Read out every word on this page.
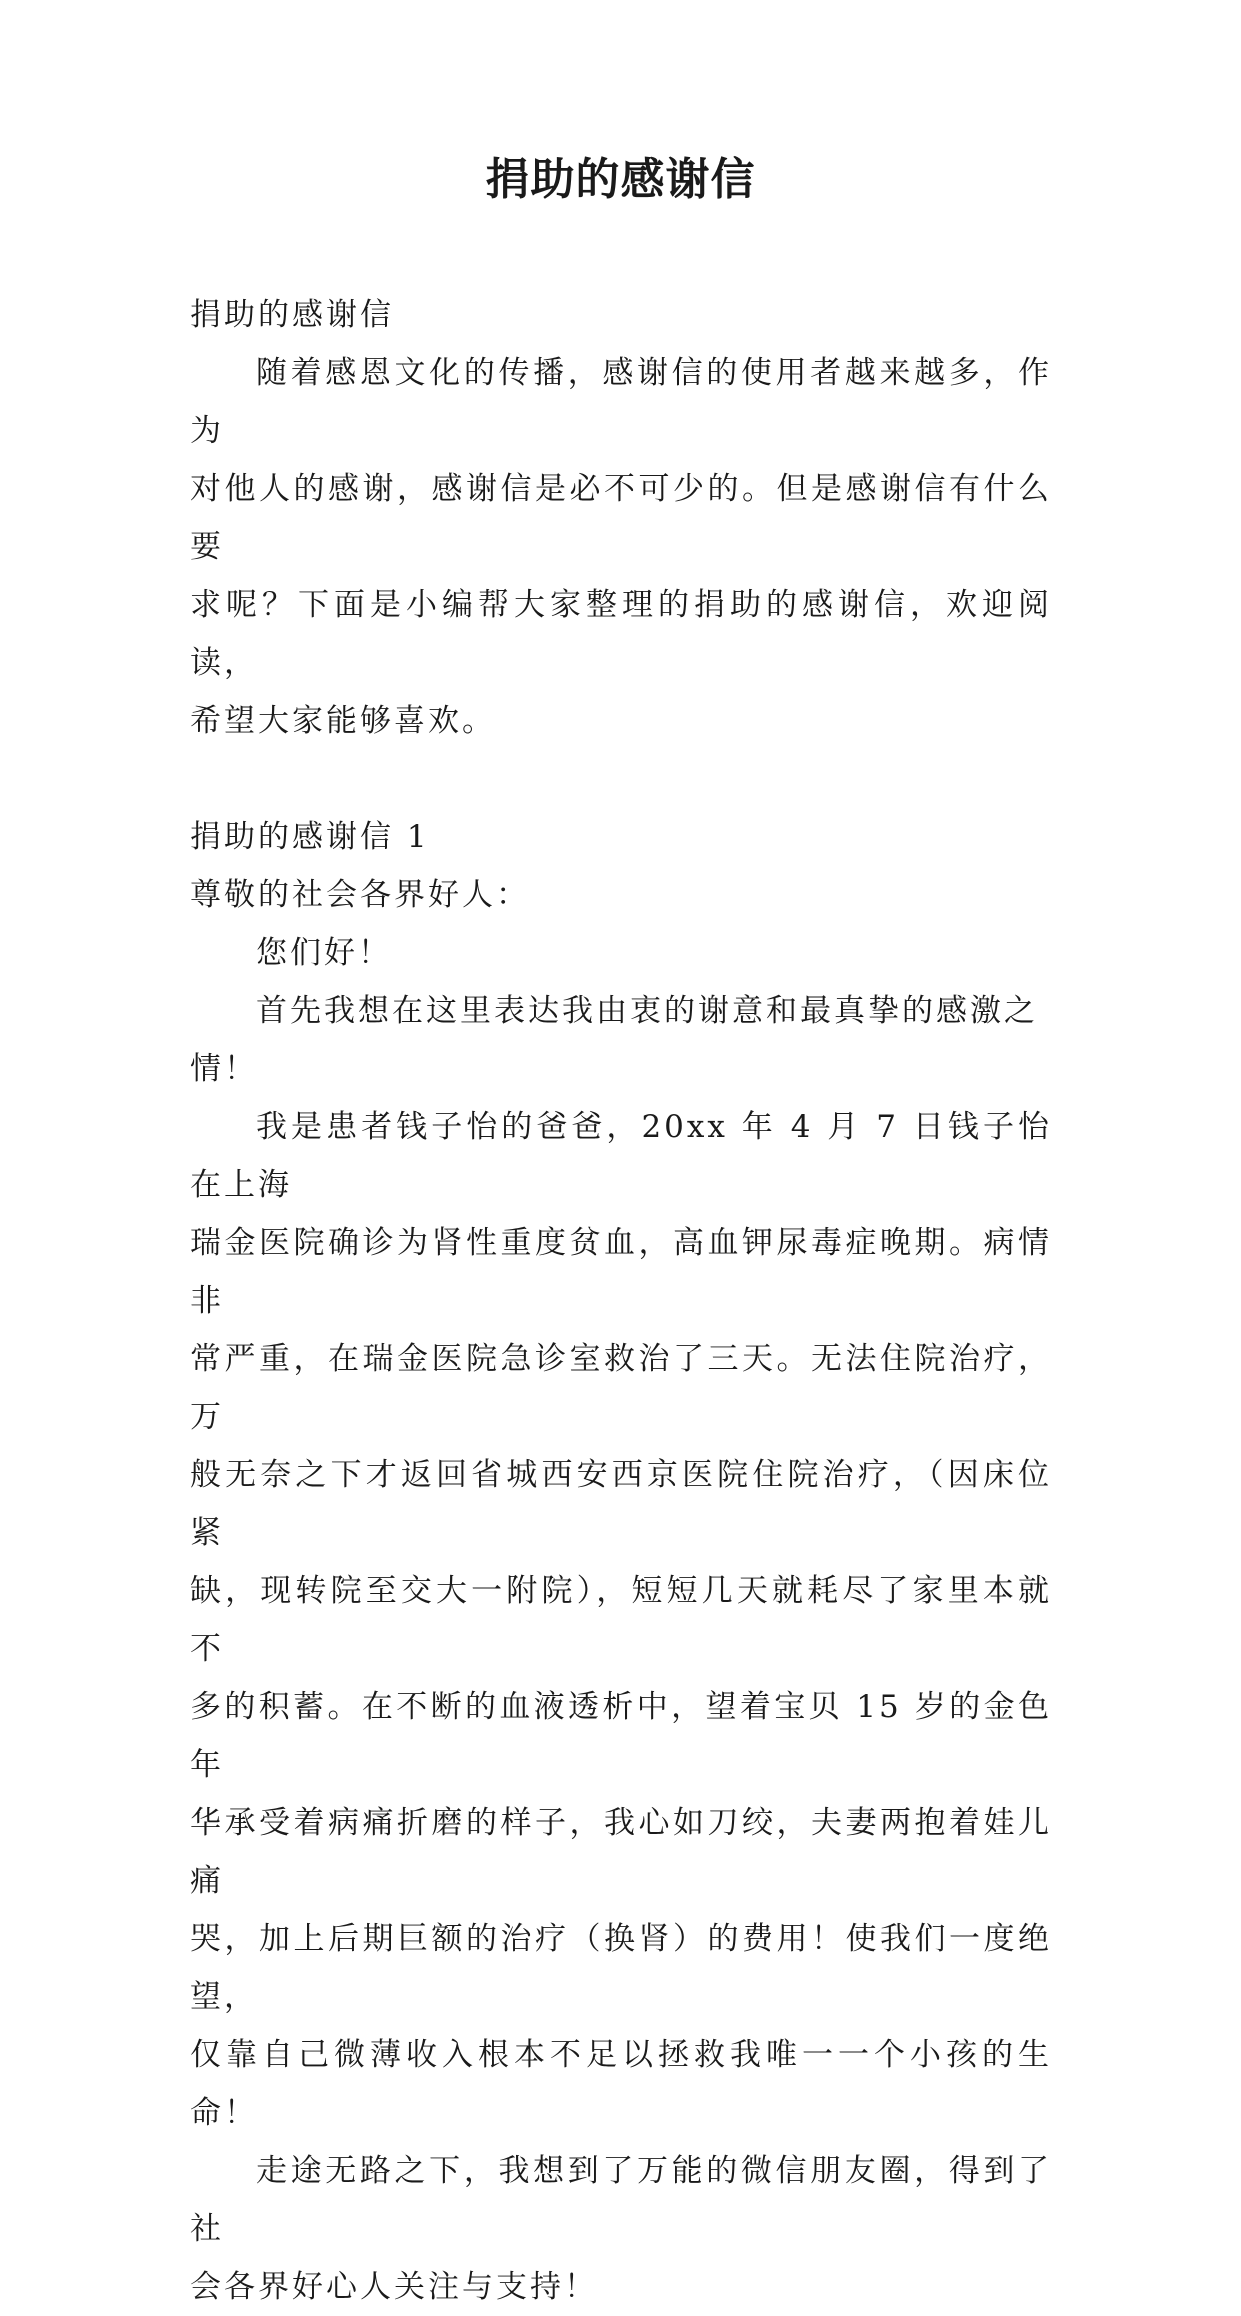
捐助的感谢信

捐助的感谢信

随着感恩文化的传播，感谢信的使用者越来越多，作为
对他人的感谢，感谢信是必不可少的。但是感谢信有什么要
求呢？下面是小编帮大家整理的捐助的感谢信，欢迎阅读，
希望大家能够喜欢。

捐助的感谢信 1

尊敬的社会各界好人：

您们好！

首先我想在这里表达我由衷的谢意和最真挚的感激之
情！

我是患者钱子怡的爸爸，20xx 年 4 月 7 日钱子怡在上海
瑞金医院确诊为肾性重度贫血，高血钾尿毒症晚期。病情非
常严重，在瑞金医院急诊室救治了三天。无法住院治疗，万
般无奈之下才返回省城西安西京医院住院治疗，（因床位紧
缺，现转院至交大一附院），短短几天就耗尽了家里本就不
多的积蓄。在不断的血液透析中，望着宝贝 15 岁的金色年
华承受着病痛折磨的样子，我心如刀绞，夫妻两抱着娃儿痛
哭，加上后期巨额的治疗（换肾）的费用！使我们一度绝望，
仅靠自己微薄收入根本不足以拯救我唯一一个小孩的生命！

走途无路之下，我想到了万能的微信朋友圈，得到了社
会各界好心人关注与支持！
